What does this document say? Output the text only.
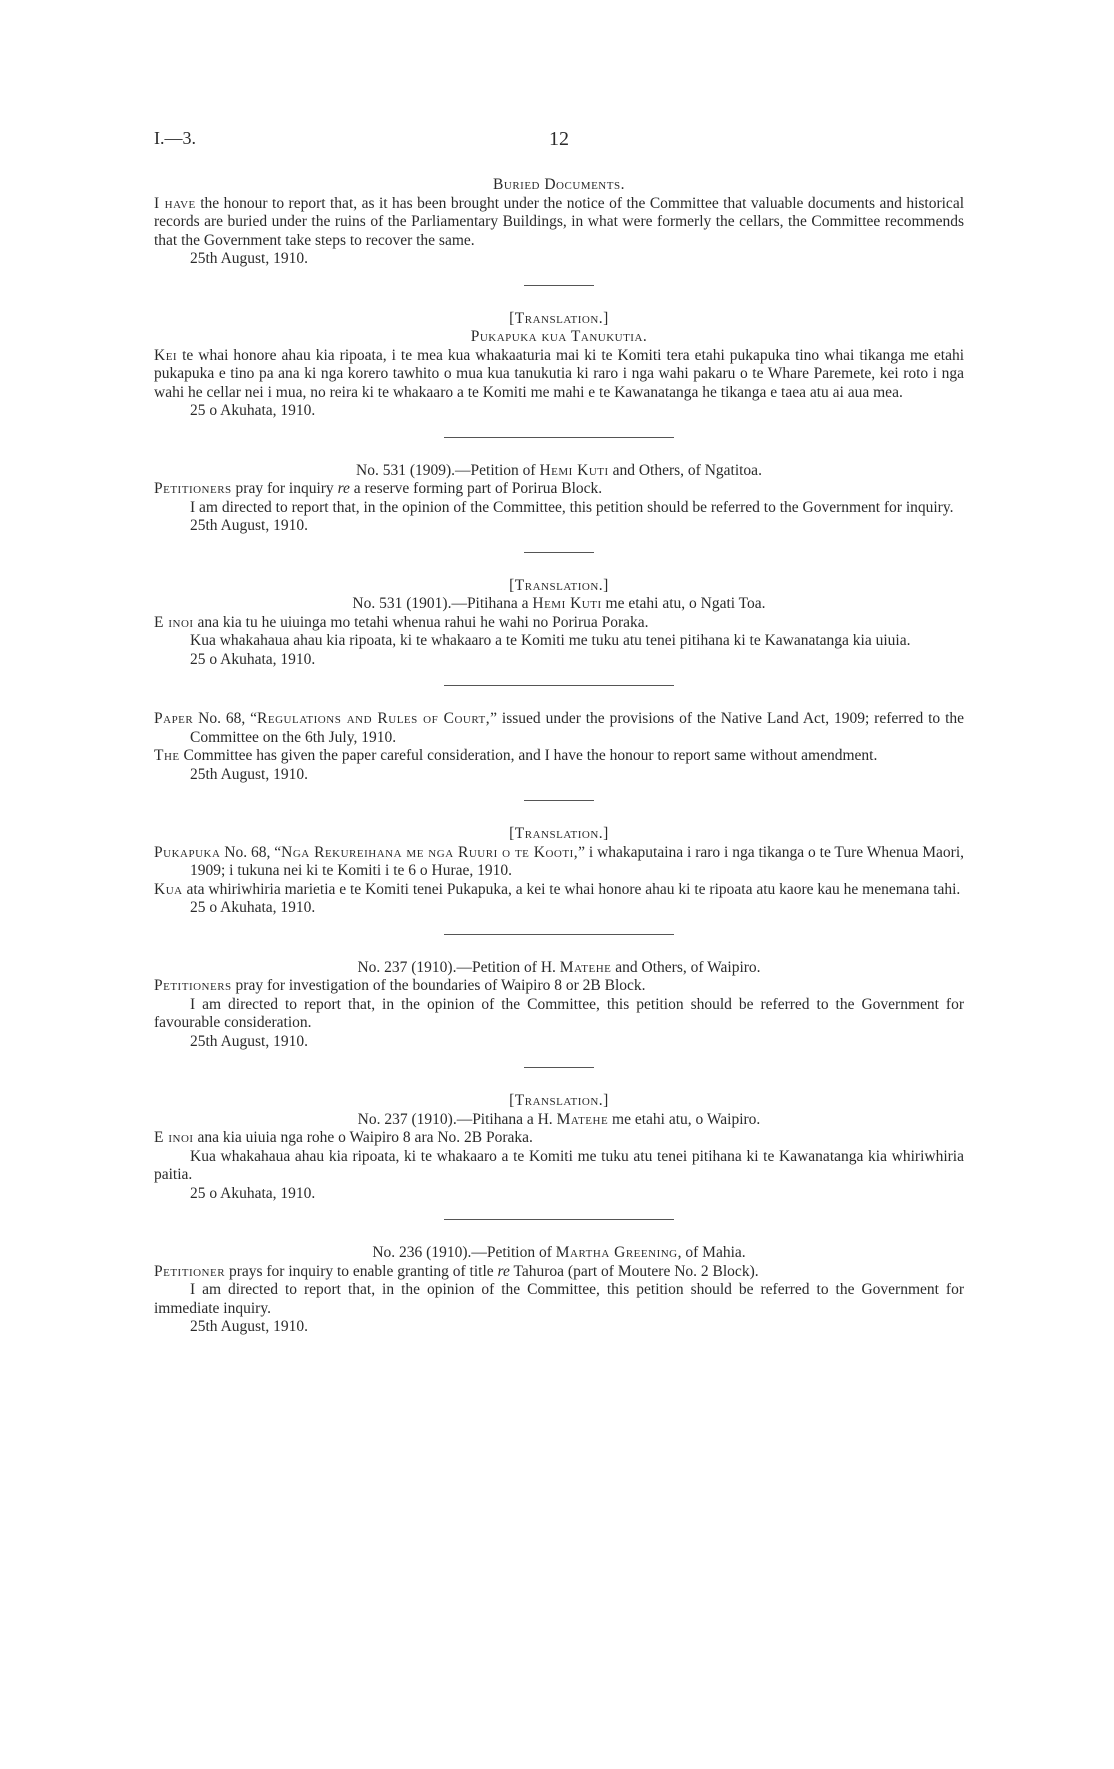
I.—3.	12

Buried Documents.

I have the honour to report that, as it has been brought under the notice of the Committee that valuable documents and historical records are buried under the ruins of the Parliamentary Buildings, in what were formerly the cellars, the Committee recommends that the Government take steps to recover the same.

25th August, 1910.

[Translation.]

Pukapuka kua Tanukutia.

Kei te whai honore ahau kia ripoata, i te mea kua whakaaturia mai ki te Komiti tera etahi pukapuka tino whai tikanga me etahi pukapuka e tino pa ana ki nga korero tawhito o mua kua tanukutia ki raro i nga wahi pakaru o te Whare Paremete, kei roto i nga wahi he cellar nei i mua, no reira ki te whakaaro a te Komiti me mahi e te Kawanatanga he tikanga e taea atu ai aua mea.

25 o Akuhata, 1910.

No. 531 (1909).—Petition of Hemi Kuti and Others, of Ngatitoa.

Petitioners pray for inquiry re a reserve forming part of Porirua Block.

I am directed to report that, in the opinion of the Committee, this petition should be referred to the Government for inquiry.

25th August, 1910.

[Translation.]

No. 531 (1901).—Pitihana a Hemi Kuti me etahi atu, o Ngati Toa.

E inoi ana kia tu he uiuinga mo tetahi whenua rahui he wahi no Porirua Poraka.

Kua whakahaua ahau kia ripoata, ki te whakaaro a te Komiti me tuku atu tenei pitihana ki te Kawanatanga kia uiuia.

25 o Akuhata, 1910.

Paper No. 68, “Regulations and Rules of Court,” issued under the provisions of the Native Land Act, 1909; referred to the Committee on the 6th July, 1910.

The Committee has given the paper careful consideration, and I have the honour to report same without amendment.

25th August, 1910.

[Translation.]

Pukapuka No. 68, “Nga Rekureihana me nga Ruuri o te Kooti,” i whakaputaina i raro i nga tikanga o te Ture Whenua Maori, 1909; i tukuna nei ki te Komiti i te 6 o Hurae, 1910.

Kua ata whiriwhiria marietia e te Komiti tenei Pukapuka, a kei te whai honore ahau ki te ripoata atu kaore kau he menemana tahi.

25 o Akuhata, 1910.

No. 237 (1910).—Petition of H. Matehe and Others, of Waipiro.

Petitioners pray for investigation of the boundaries of Waipiro 8 or 2B Block.

I am directed to report that, in the opinion of the Committee, this petition should be referred to the Government for favourable consideration.

25th August, 1910.

[Translation.]

No. 237 (1910).—Pitihana a H. Matehe me etahi atu, o Waipiro.

E inoi ana kia uiuia nga rohe o Waipiro 8 ara No. 2B Poraka.

Kua whakahaua ahau kia ripoata, ki te whakaaro a te Komiti me tuku atu tenei pitihana ki te Kawanatanga kia whiriwhiria paitia.

25 o Akuhata, 1910.

No. 236 (1910).—Petition of Martha Greening, of Mahia.

Petitioner prays for inquiry to enable granting of title re Tahuroa (part of Moutere No. 2 Block).

I am directed to report that, in the opinion of the Committee, this petition should be referred to the Government for immediate inquiry.

25th August, 1910.
